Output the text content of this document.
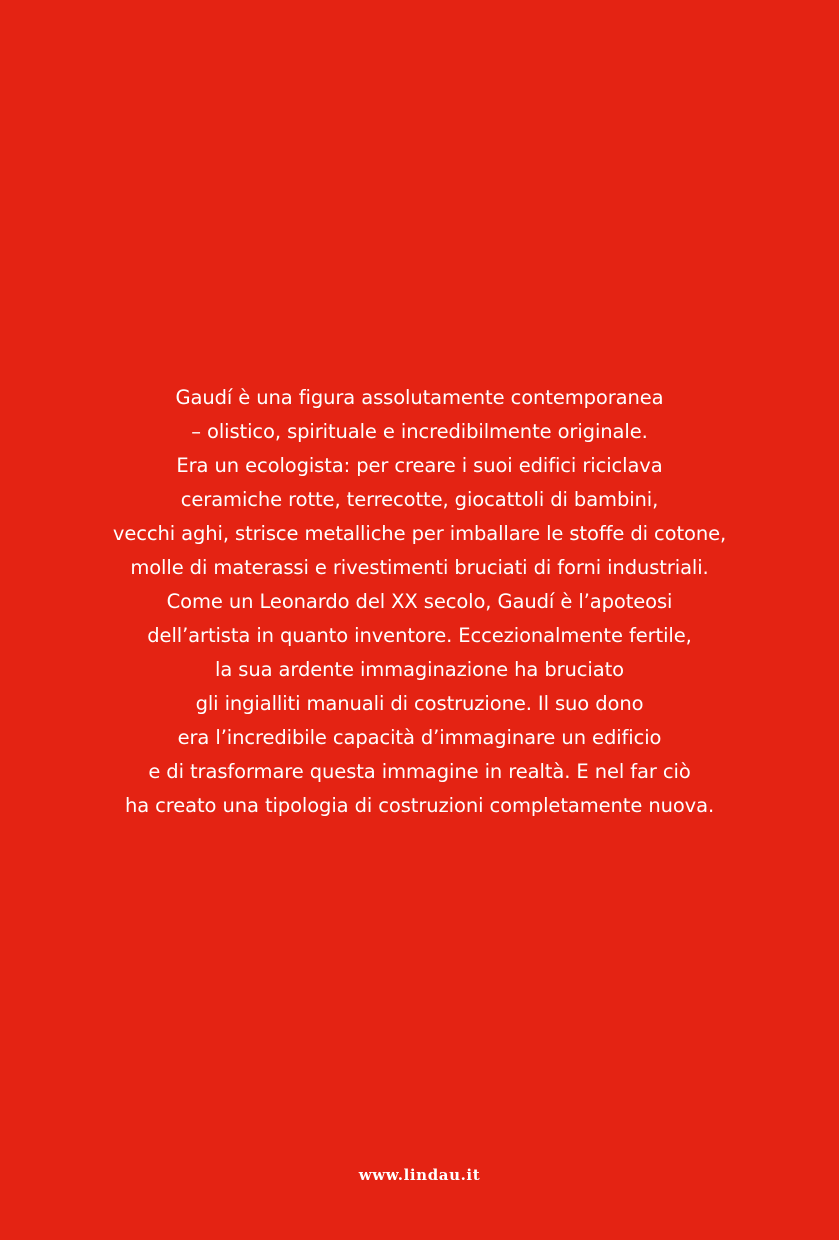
Gaudí è una figura assolutamente contemporanea
– olistico, spirituale e incredibilmente originale.
Era un ecologista: per creare i suoi edifici riciclava
ceramiche rotte, terrecotte, giocattoli di bambini,
vecchi aghi, strisce metalliche per imballare le stoffe di cotone,
molle di materassi e rivestimenti bruciati di forni industriali.
Come un Leonardo del XX secolo, Gaudí è l’apoteosi
dell’artista in quanto inventore. Eccezionalmente fertile,
la sua ardente immaginazione ha bruciato
gli ingialliti manuali di costruzione. Il suo dono
era l’incredibile capacità d’immaginare un edificio
e di trasformare questa immagine in realtà. E nel far ciò
ha creato una tipologia di costruzioni completamente nuova.
www.lindau.it
